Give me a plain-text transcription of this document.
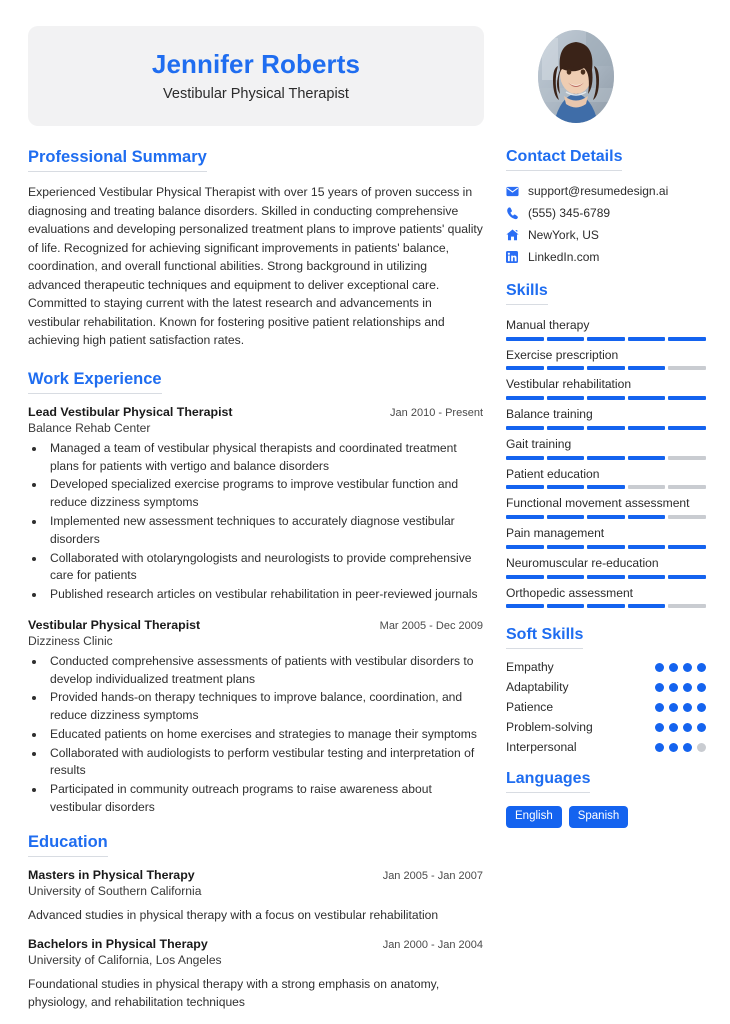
Jennifer Roberts
Vestibular Physical Therapist
Professional Summary
Experienced Vestibular Physical Therapist with over 15 years of proven success in diagnosing and treating balance disorders. Skilled in conducting comprehensive evaluations and developing personalized treatment plans to improve patients' quality of life. Recognized for achieving significant improvements in patients' balance, coordination, and overall functional abilities. Strong background in utilizing advanced therapeutic techniques and equipment to deliver exceptional care. Committed to staying current with the latest research and advancements in vestibular rehabilitation. Known for fostering positive patient relationships and achieving high patient satisfaction rates.
Work Experience
Lead Vestibular Physical Therapist	Jan 2010 - Present
Balance Rehab Center
• Managed a team of vestibular physical therapists and coordinated treatment plans for patients with vertigo and balance disorders
• Developed specialized exercise programs to improve vestibular function and reduce dizziness symptoms
• Implemented new assessment techniques to accurately diagnose vestibular disorders
• Collaborated with otolaryngologists and neurologists to provide comprehensive care for patients
• Published research articles on vestibular rehabilitation in peer-reviewed journals
Vestibular Physical Therapist	Mar 2005 - Dec 2009
Dizziness Clinic
• Conducted comprehensive assessments of patients with vestibular disorders to develop individualized treatment plans
• Provided hands-on therapy techniques to improve balance, coordination, and reduce dizziness symptoms
• Educated patients on home exercises and strategies to manage their symptoms
• Collaborated with audiologists to perform vestibular testing and interpretation of results
• Participated in community outreach programs to raise awareness about vestibular disorders
Education
Masters in Physical Therapy	Jan 2005 - Jan 2007
University of Southern California
Advanced studies in physical therapy with a focus on vestibular rehabilitation
Bachelors in Physical Therapy	Jan 2000 - Jan 2004
University of California, Los Angeles
Foundational studies in physical therapy with a strong emphasis on anatomy, physiology, and rehabilitation techniques
Contact Details
support@resumedesign.ai
(555) 345-6789
NewYork, US
LinkedIn.com
Skills
Manual therapy
Exercise prescription
Vestibular rehabilitation
Balance training
Gait training
Patient education
Functional movement assessment
Pain management
Neuromuscular re-education
Orthopedic assessment
Soft Skills
Empathy
Adaptability
Patience
Problem-solving
Interpersonal
Languages
English	Spanish
